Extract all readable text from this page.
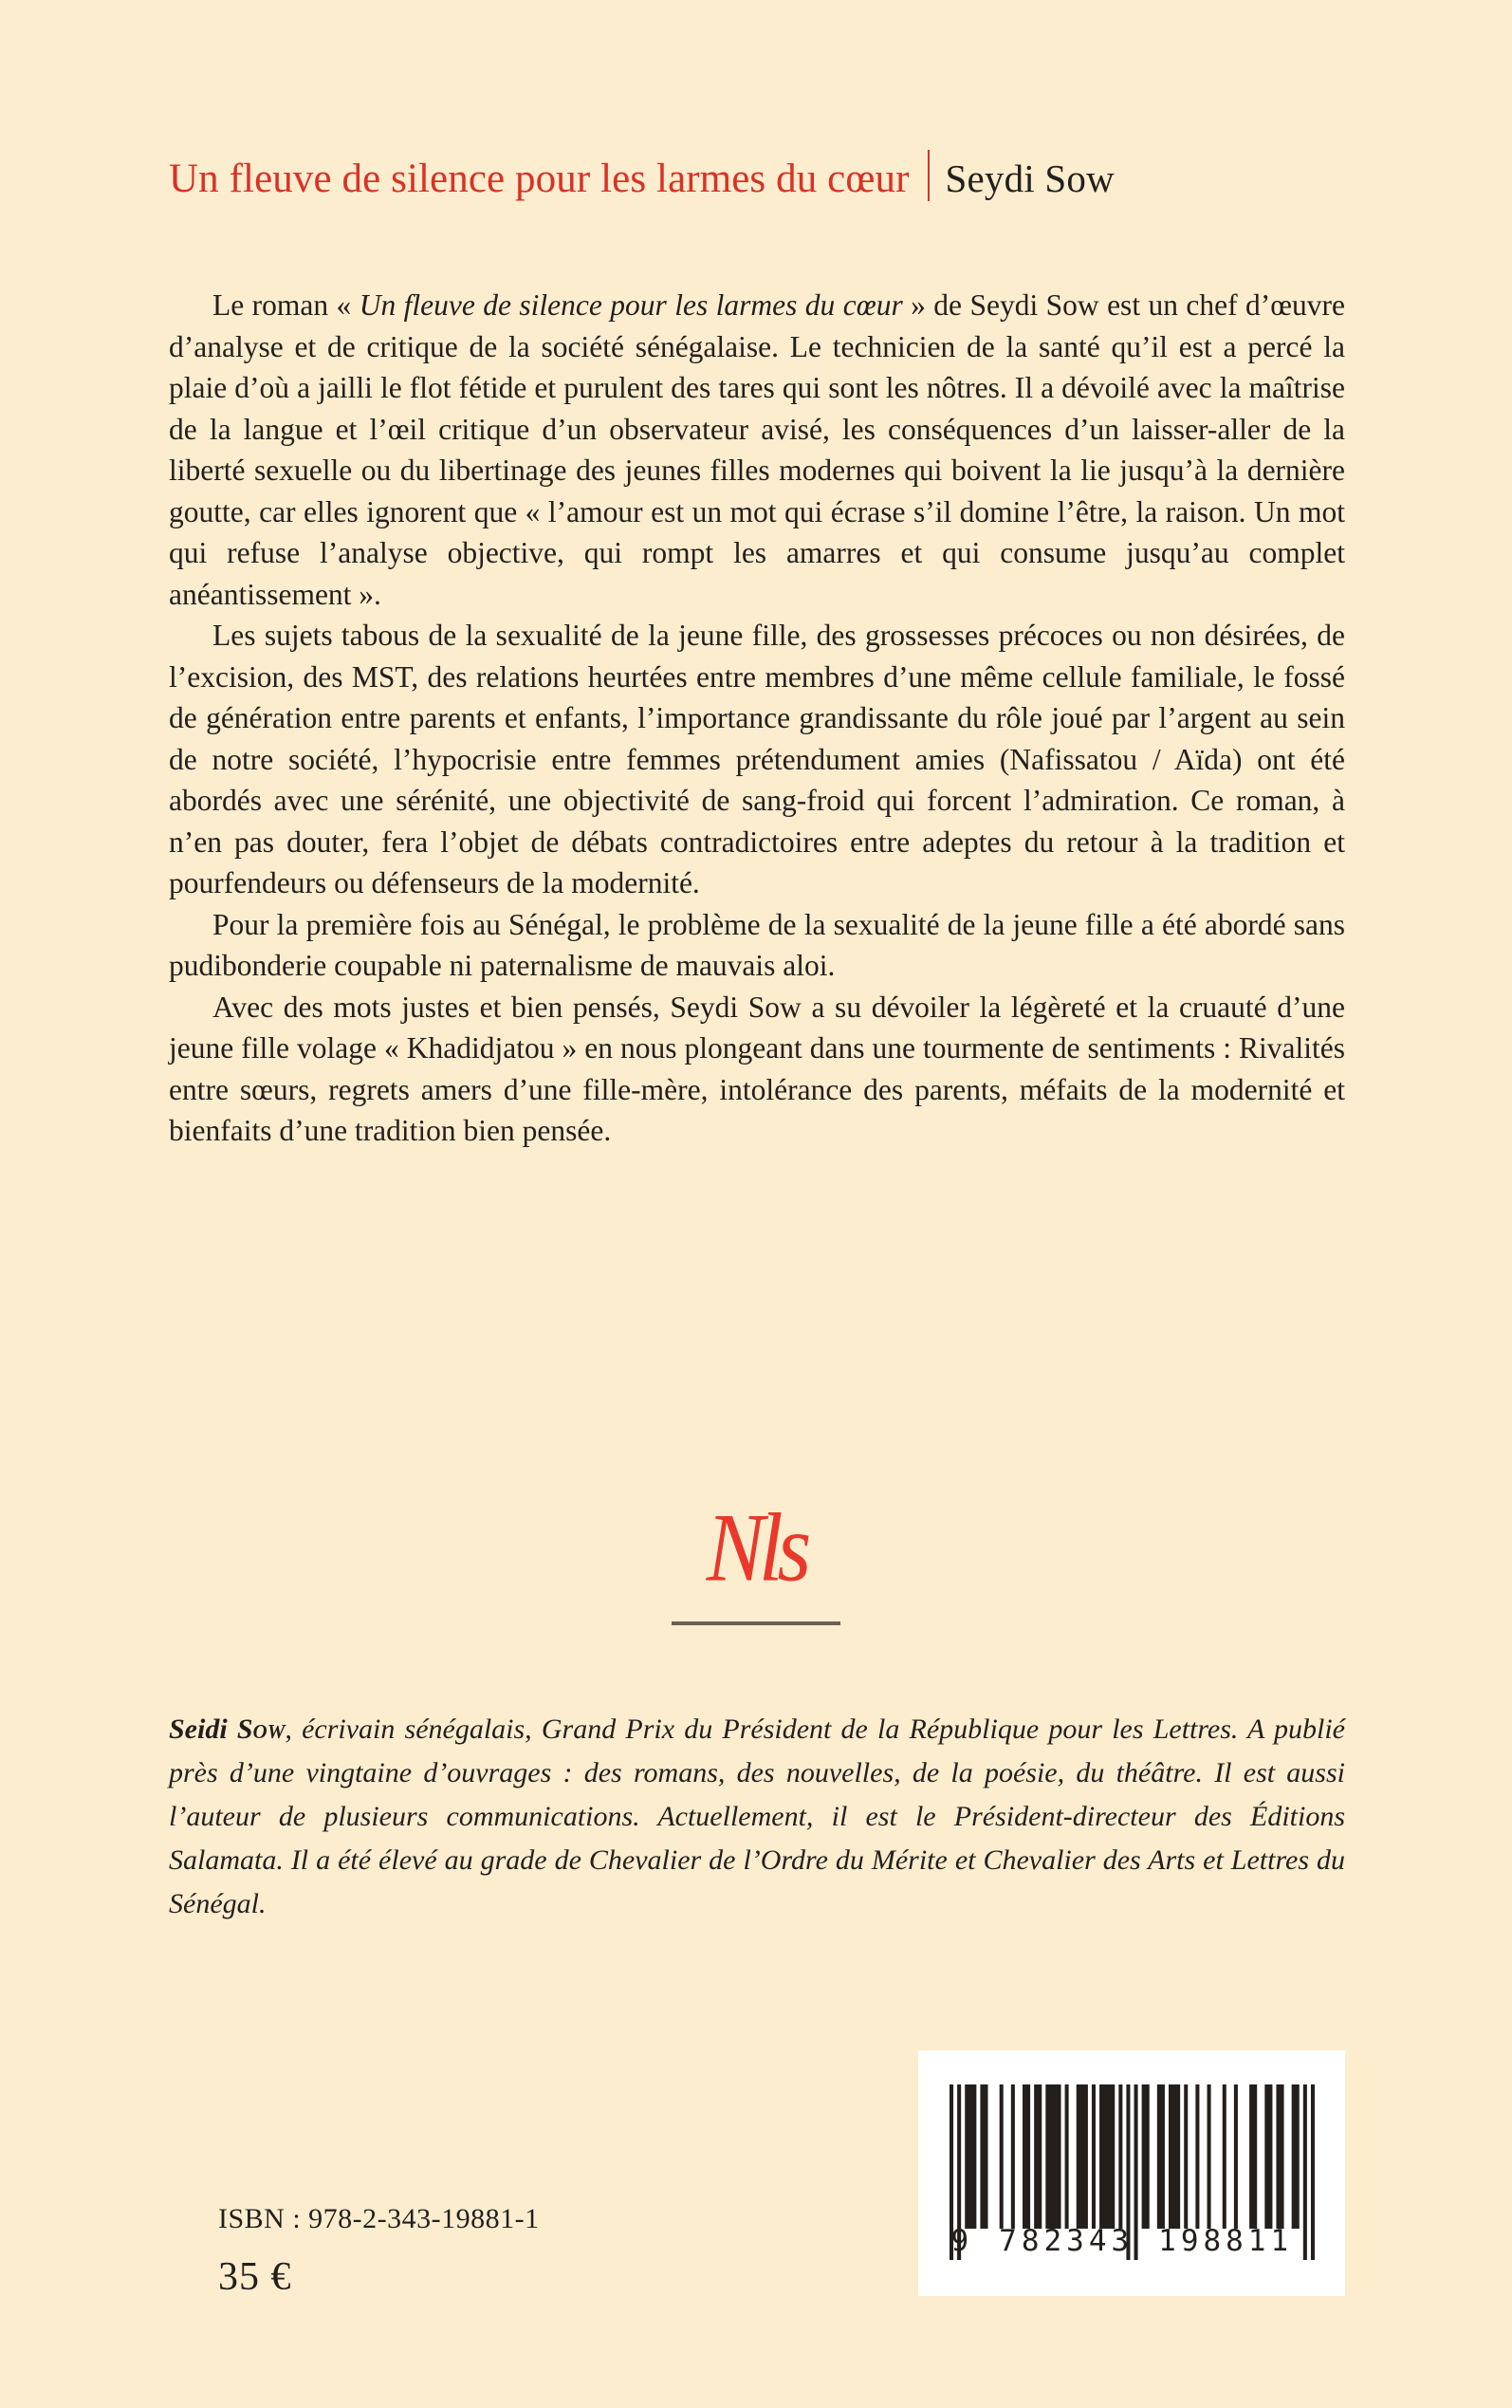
Un fleuve de silence pour les larmes du cœur Seydi Sow

Le roman « Un fleuve de silence pour les larmes du cœur » de Seydi Sow est un chef d’œuvre d’analyse et de critique de la société sénégalaise. Le technicien de la santé qu’il est a percé la plaie d’où a jailli le flot fétide et purulent des tares qui sont les nôtres. Il a dévoilé avec la maîtrise de la langue et l’œil critique d’un observateur avisé, les conséquences d’un laisser-aller de la liberté sexuelle ou du libertinage des jeunes filles modernes qui boivent la lie jusqu’à la dernière goutte, car elles ignorent que « l’amour est un mot qui écrase s’il domine l’être, la raison. Un mot qui refuse l’analyse objective, qui rompt les amarres et qui consume jusqu’au complet anéantissement ».

Les sujets tabous de la sexualité de la jeune fille, des grossesses précoces ou non désirées, de l’excision, des MST, des relations heurtées entre membres d’une même cellule familiale, le fossé de génération entre parents et enfants, l’importance grandissante du rôle joué par l’argent au sein de notre société, l’hypocrisie entre femmes prétendument amies (Nafissatou / Aïda) ont été abordés avec une sérénité, une objectivité de sang-froid qui forcent l’admiration. Ce roman, à n’en pas douter, fera l’objet de débats contradictoires entre adeptes du retour à la tradition et pourfendeurs ou défenseurs de la modernité.

Pour la première fois au Sénégal, le problème de la sexualité de la jeune fille a été abordé sans pudibonderie coupable ni paternalisme de mauvais aloi.

Avec des mots justes et bien pensés, Seydi Sow a su dévoiler la légèreté et la cruauté d’une jeune fille volage « Khadidjatou » en nous plongeant dans une tourmente de sentiments : Rivalités entre sœurs, regrets amers d’une fille-mère, intolérance des parents, méfaits de la modernité et bienfaits d’une tradition bien pensée.

Nls
Seidi Sow, écrivain sénégalais, Grand Prix du Président de la République pour les Lettres. A publié près d’une vingtaine d’ouvrages : des romans, des nouvelles, de la poésie, du théâtre. Il est aussi l’auteur de plusieurs communications. Actuellement, il est le Président-directeur des Éditions Salamata. Il a été élevé au grade de Chevalier de l’Ordre du Mérite et Chevalier des Arts et Lettres du Sénégal.
ISBN : 978-2-343-19881-1
35 €
9 782343 198811
